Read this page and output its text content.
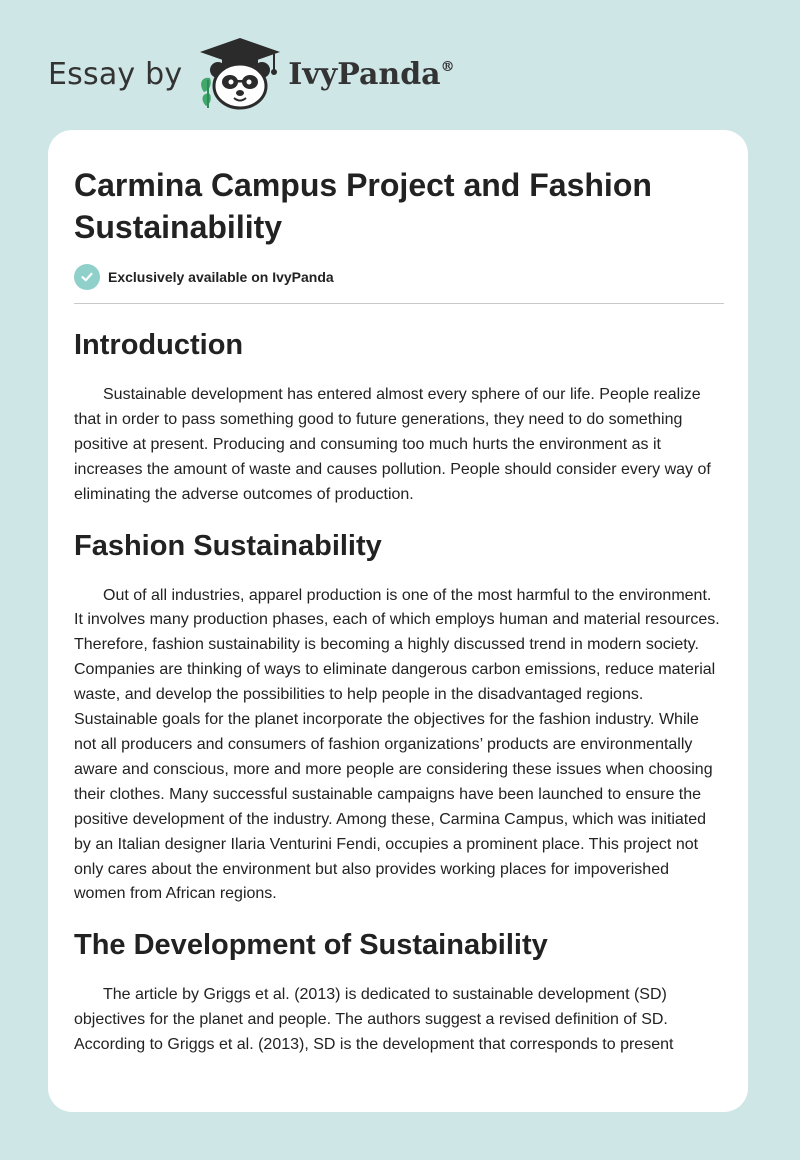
Essay by	IvyPanda®
Carmina Campus Project and Fashion Sustainability
Exclusively available on IvyPanda
Introduction

Sustainable development has entered almost every sphere of our life. People realize that in order to pass something good to future generations, they need to do something positive at present. Producing and consuming too much hurts the environment as it increases the amount of waste and causes pollution. People should consider every way of eliminating the adverse outcomes of production.

Fashion Sustainability

Out of all industries, apparel production is one of the most harmful to the environment. It involves many production phases, each of which employs human and material resources. Therefore, fashion sustainability is becoming a highly discussed trend in modern society. Companies are thinking of ways to eliminate dangerous carbon emissions, reduce material waste, and develop the possibilities to help people in the disadvantaged regions. Sustainable goals for the planet incorporate the objectives for the fashion industry. While not all producers and consumers of fashion organizations’ products are environmentally aware and conscious, more and more people are considering these issues when choosing their clothes. Many successful sustainable campaigns have been launched to ensure the positive development of the industry. Among these, Carmina Campus, which was initiated by an Italian designer Ilaria Venturini Fendi, occupies a prominent place. This project not only cares about the environment but also provides working places for impoverished women from African regions.

The Development of Sustainability

The article by Griggs et al. (2013) is dedicated to sustainable development (SD) objectives for the planet and people. The authors suggest a revised definition of SD. According to Griggs et al. (2013), SD is the development that corresponds to present
